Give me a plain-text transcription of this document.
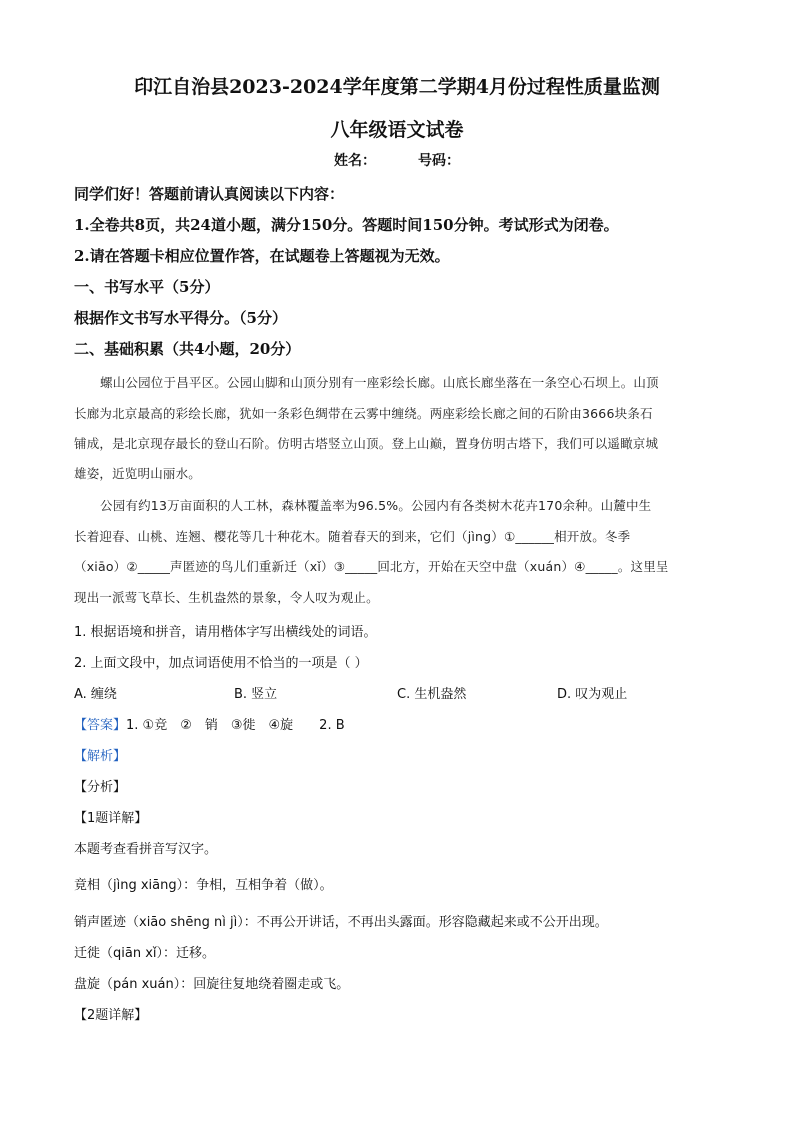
印江自治县2023-2024学年度第二学期4月份过程性质量监测
八年级语文试卷
姓名：	号码：
同学们好！答题前请认真阅读以下内容：
1.全卷共8页，共24道小题，满分150分。答题时间150分钟。考试形式为闭卷。
2.请在答题卡相应位置作答，在试题卷上答题视为无效。
一、书写水平（5分）
根据作文书写水平得分。（5分）
二、基础积累（共4小题，20分）
螺山公园位于昌平区。公园山脚和山顶分别有一座彩绘长廊。山底长廊坐落在一条空心石坝上。山顶
长廊为北京最高的彩绘长廊，犹如一条彩色绸带在云雾中缠绕。两座彩绘长廊之间的石阶由3666块条石
铺成，是北京现存最长的登山石阶。仿明古塔竖立山顶。登上山巅，置身仿明古塔下，我们可以遥瞰京城
雄姿，近览明山丽水。
公园有约13万亩面积的人工林，森林覆盖率为96.5%。公园内有各类树木花卉170余种。山麓中生
长着迎春、山桃、连翘、樱花等几十种花木。随着春天的到来，它们（jìng）①______相开放。冬季
（xiāo）②_____声匿迹的鸟儿们重新迁（xǐ）③_____回北方，开始在天空中盘（xuán）④_____。这里呈
现出一派莺飞草长、生机盎然的景象，令人叹为观止。
1. 根据语境和拼音，请用楷体字写出横线处的词语。
2. 上面文段中，加点词语使用不恰当的一项是（ ）
A. 缠绕	B. 竖立	C. 生机盎然	D. 叹为观止
【答案】1. ①竞　②　销　③徙　④旋　　2. B
【解析】
【分析】
【1题详解】
本题考查看拼音写汉字。
竟相（jìng xiāng）：争相，互相争着（做）。
销声匿迹（xiāo shēng nì jì）：不再公开讲话，不再出头露面。形容隐藏起来或不公开出现。
迁徙（qiān xǐ）：迁移。
盘旋（pán xuán）：回旋往复地绕着圈走或飞。
【2题详解】
